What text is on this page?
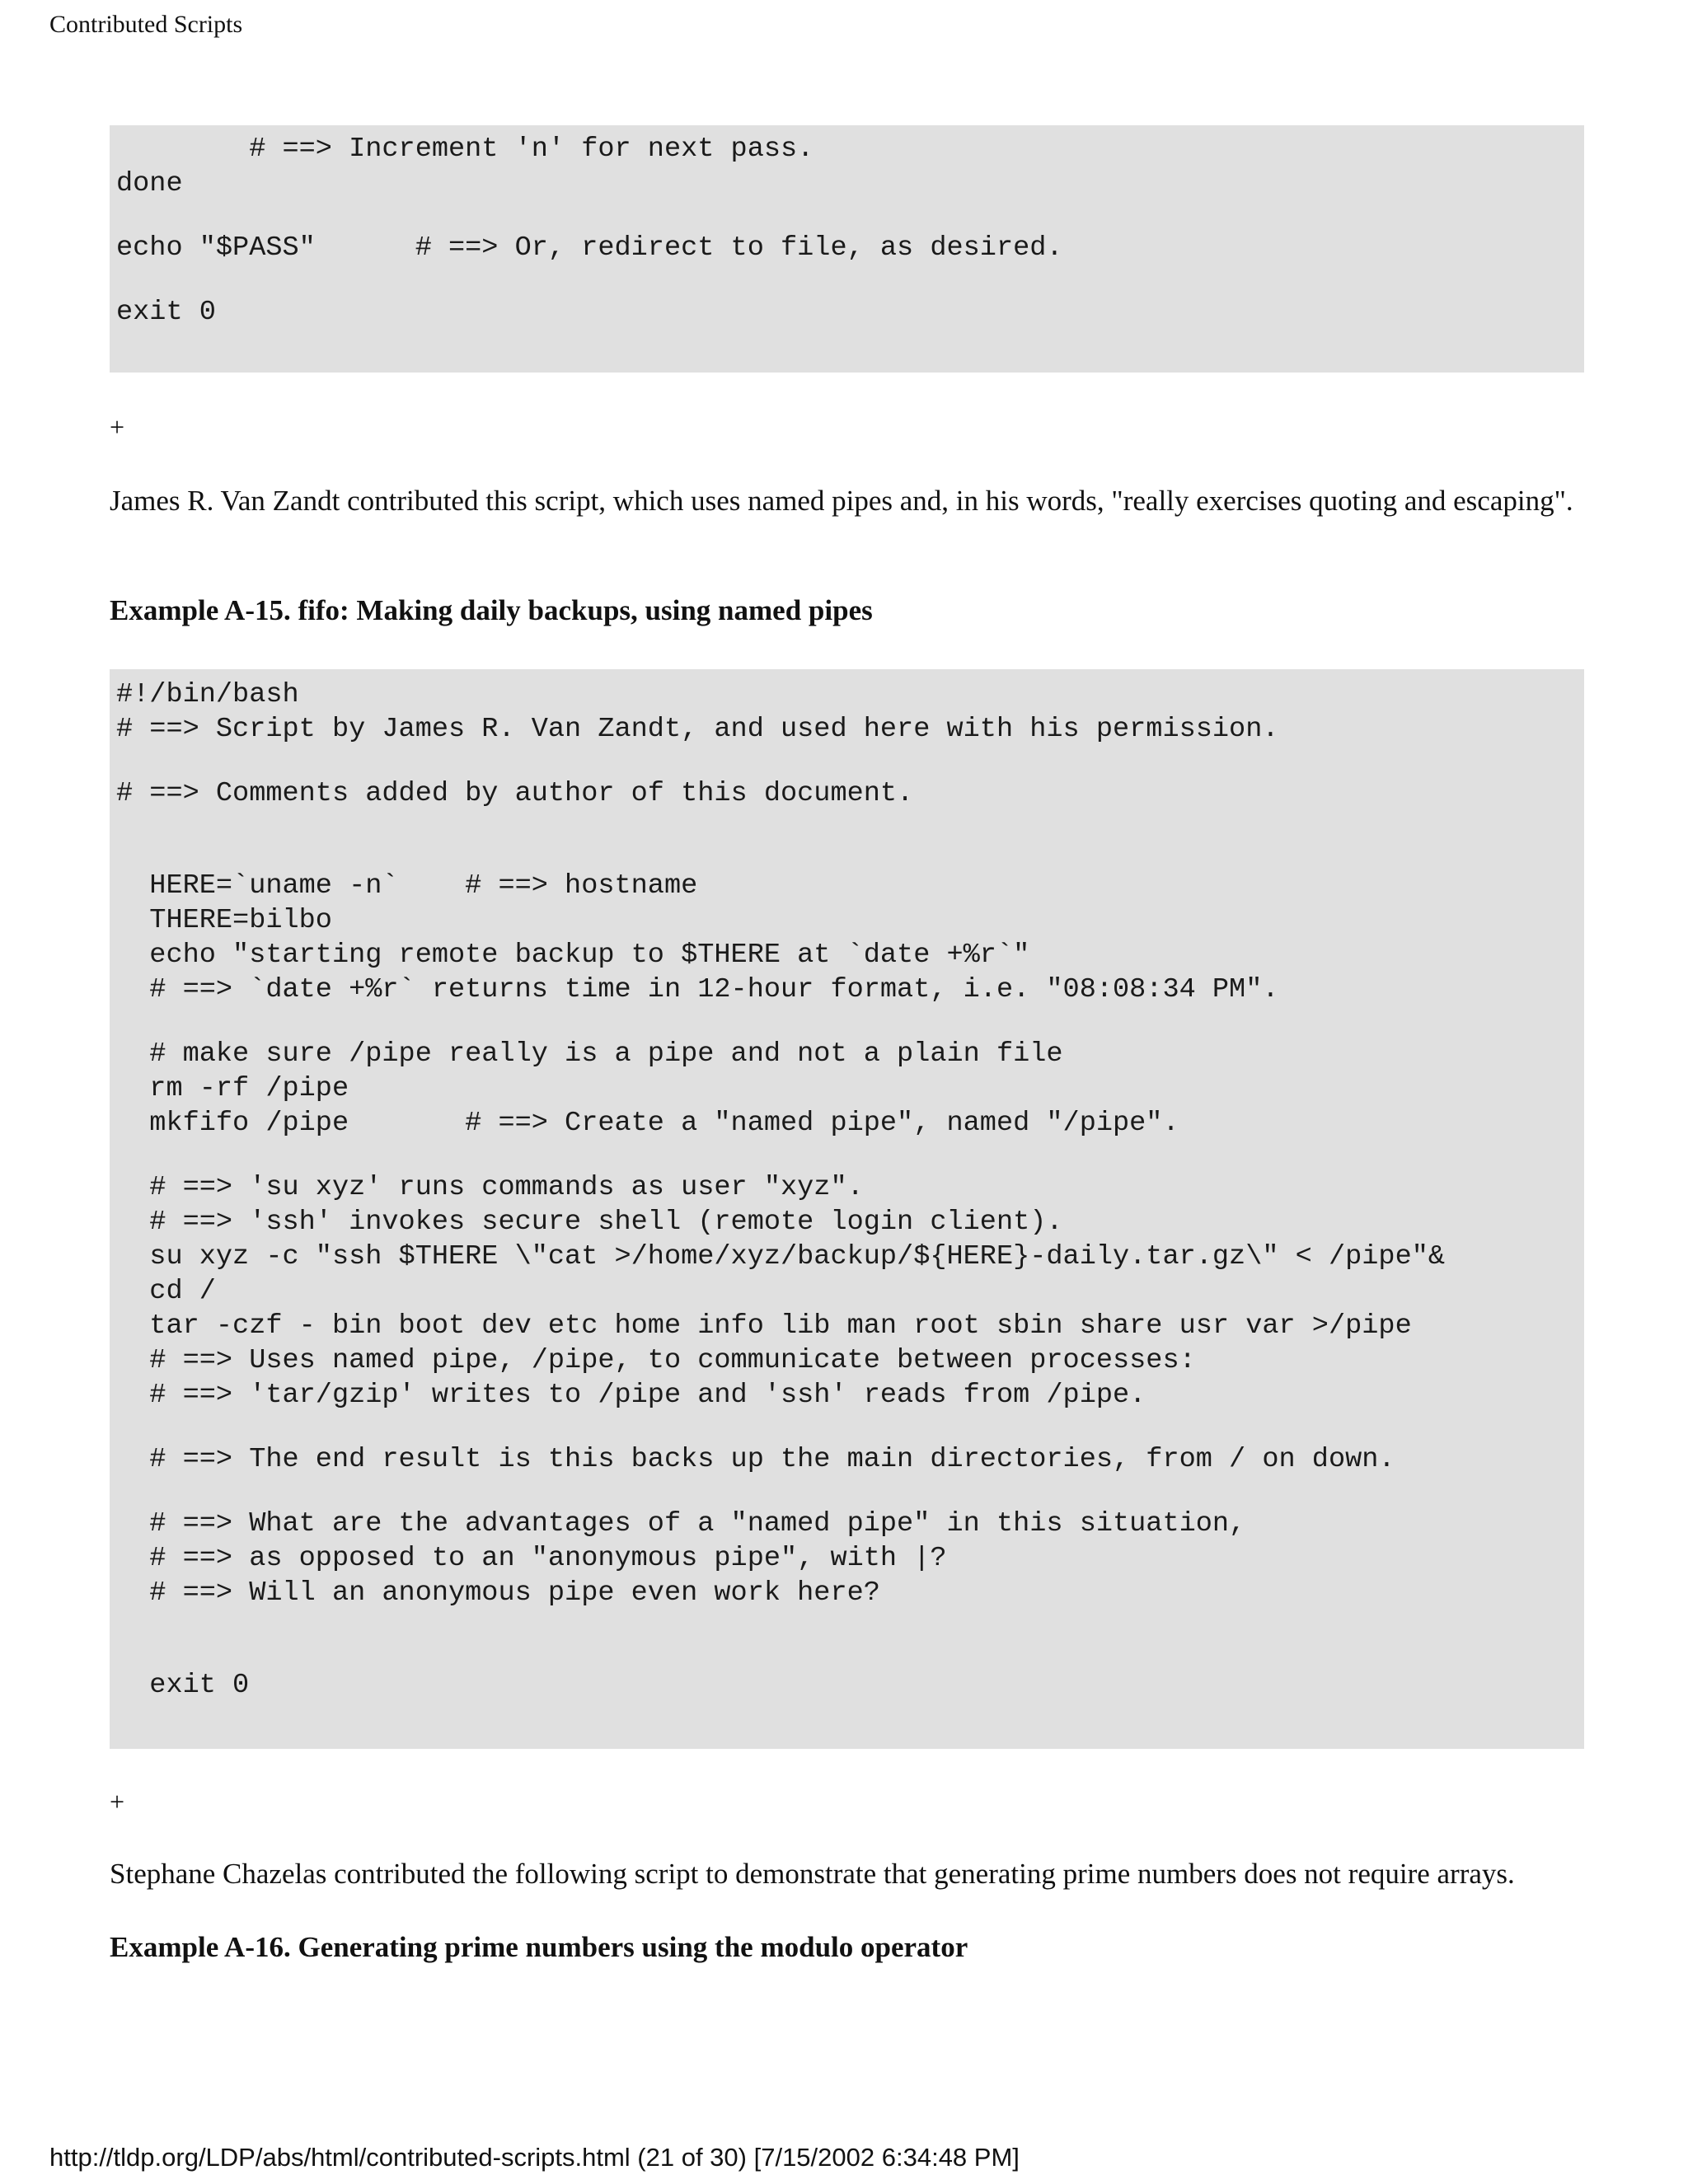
Contributed Scripts
# ==> Increment 'n' for next pass.
done
echo "$PASS"      # ==> Or, redirect to file, as desired.
exit 0
+

James R. Van Zandt contributed this script, which uses named pipes and, in his words, "really exercises quoting and escaping".

Example A-15. fifo: Making daily backups, using named pipes

#!/bin/bash
# ==> Script by James R. Van Zandt, and used here with his permission.
# ==> Comments added by author of this document.
HERE=`uname -n`    # ==> hostname
THERE=bilbo
echo "starting remote backup to $THERE at `date +%r`"
# ==> `date +%r` returns time in 12-hour format, i.e. "08:08:34 PM".
# make sure /pipe really is a pipe and not a plain file
rm -rf /pipe
mkfifo /pipe       # ==> Create a "named pipe", named "/pipe".
# ==> 'su xyz' runs commands as user "xyz".
# ==> 'ssh' invokes secure shell (remote login client).
su xyz -c "ssh $THERE \"cat >/home/xyz/backup/${HERE}-daily.tar.gz\" < /pipe"&
cd /
tar -czf - bin boot dev etc home info lib man root sbin share usr var >/pipe
# ==> Uses named pipe, /pipe, to communicate between processes:
# ==> 'tar/gzip' writes to /pipe and 'ssh' reads from /pipe.
# ==> The end result is this backs up the main directories, from / on down.
# ==> What are the advantages of a "named pipe" in this situation,
# ==> as opposed to an "anonymous pipe", with |?
# ==> Will an anonymous pipe even work here?
exit 0
+

Stephane Chazelas contributed the following script to demonstrate that generating prime numbers does not require arrays.

Example A-16. Generating prime numbers using the modulo operator

http://tldp.org/LDP/abs/html/contributed-scripts.html (21 of 30) [7/15/2002 6:34:48 PM]
